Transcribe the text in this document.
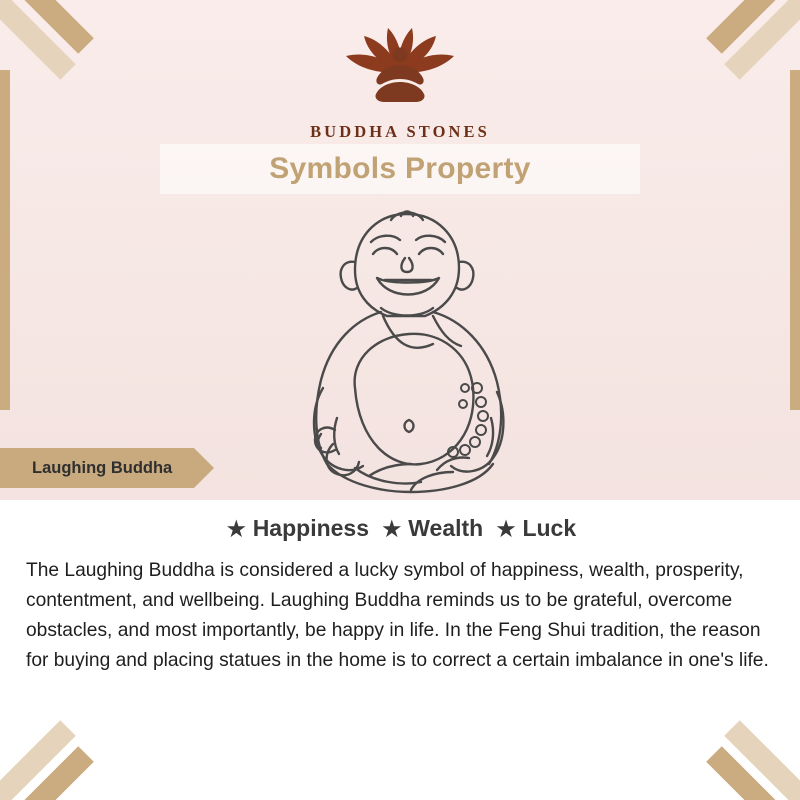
BUDDHA STONES
Symbols Property
Laughing Buddha
★ Happiness ★ Wealth ★ Luck
The Laughing Buddha is considered a lucky symbol of happiness, wealth, prosperity, contentment, and wellbeing. Laughing Buddha reminds us to be grateful, overcome obstacles, and most importantly, be happy in life. In the Feng Shui tradition, the reason for buying and placing statues in the home is to correct a certain imbalance in one's life.
